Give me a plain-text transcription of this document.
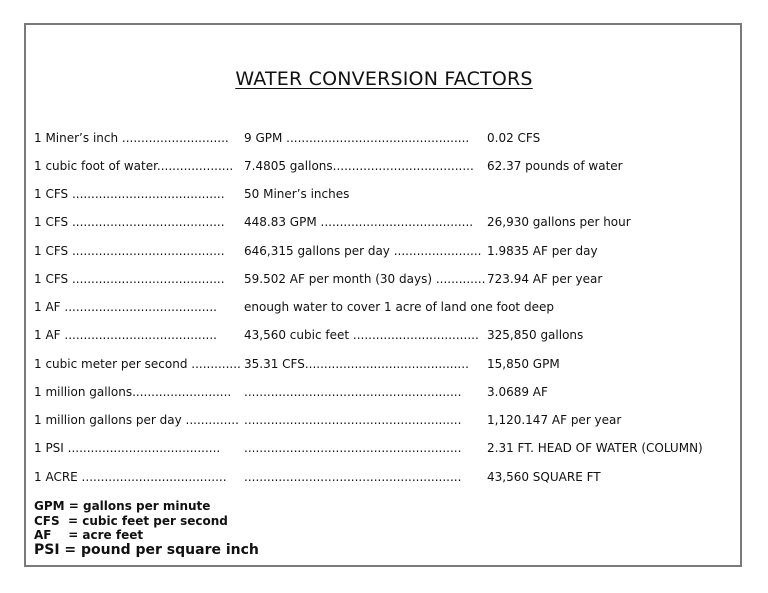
WATER CONVERSION FACTORS
1 Miner’s inch ............................ 9 GPM ................................................ 0.02 CFS
1 cubic foot of water.................... 7.4805 gallons..................................... 62.37 pounds of water
1 CFS ........................................ 50 Miner’s inches
1 CFS ........................................ 448.83 GPM ........................................ 26,930 gallons per hour
1 CFS ........................................ 646,315 gallons per day ....................... 1.9835 AF per day
1 CFS ........................................ 59.502 AF per month (30 days) ............. 723.94 AF per year
1 AF ........................................ enough water to cover 1 acre of land one foot deep
1 AF ........................................ 43,560 cubic feet ................................. 325,850 gallons
1 cubic meter per second ............. 35.31 CFS........................................... 15,850 GPM
1 million gallons.......................... ......................................................... 3.0689 AF
1 million gallons per day .............. ......................................................... 1,120.147 AF per year
1 PSI ........................................ ......................................................... 2.31 FT. HEAD OF WATER (COLUMN)
1 ACRE ...................................... ......................................................... 43,560 SQUARE FT
GPM = gallons per minute
CFS  = cubic feet per second
AF    = acre feet
PSI = pound per square inch
